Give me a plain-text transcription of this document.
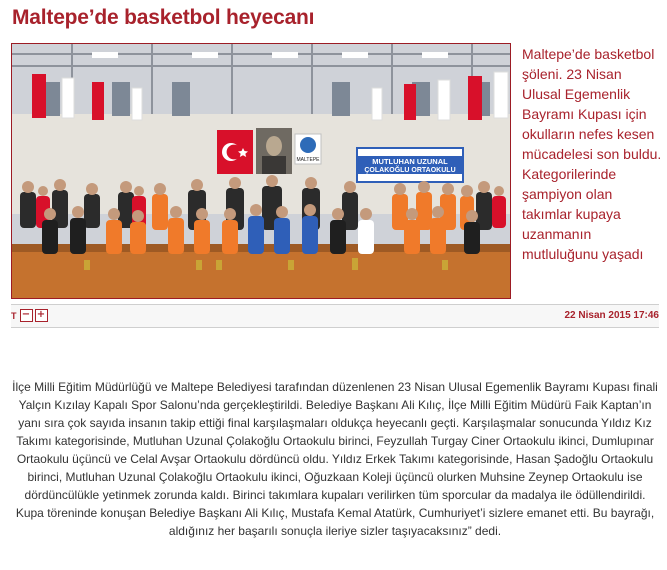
Maltepe’de basketbol heyecanı
MALTEPE	MUTLUHAN UZUNAL
ÇOLAKOĞLU ORTAOKULU
Maltepe’de basketbol şöleni. 23 Nisan Ulusal Egemenlik Bayramı Kupası için okulların nefes kesen mücadelesi son buldu. Kategorilerinde şampiyon olan takımlar kupaya uzanmanın mutluluğunu yaşadı
T − +	22 Nisan 2015 17:46
İlçe Milli Eğitim Müdürlüğü ve Maltepe Belediyesi tarafından düzenlenen 23 Nisan Ulusal Egemenlik Bayramı Kupası finali Yalçın Kızılay Kapalı Spor Salonu’nda gerçekleştirildi. Belediye Başkanı Ali Kılıç, İlçe Milli Eğitim Müdürü Faik Kaptan’ın yanı sıra çok sayıda insanın takip ettiği final karşılaşmaları oldukça heyecanlı geçti. Karşılaşmalar sonucunda Yıldız Kız Takımı kategorisinde, Mutluhan Uzunal Çolakoğlu Ortaokulu birinci, Feyzullah Turgay Ciner Ortaokulu ikinci, Dumlupınar Ortaokulu üçüncü ve Celal Avşar Ortaokulu dördüncü oldu. Yıldız Erkek Takımı kategorisinde, Hasan Şadoğlu Ortaokulu birinci, Mutluhan Uzunal Çolakoğlu Ortaokulu ikinci, Oğuzkaan Koleji üçüncü olurken Muhsine Zeynep Ortaokulu ise dördüncülükle yetinmek zorunda kaldı. Birinci takımlara kupaları verilirken tüm sporcular da madalya ile ödüllendirildi. Kupa töreninde konuşan Belediye Başkanı Ali Kılıç, Mustafa Kemal Atatürk, Cumhuriyet’i sizlere emanet etti. Bu bayrağı, aldığınız her başarılı sonuçla ileriye sizler taşıyacaksınız” dedi.
